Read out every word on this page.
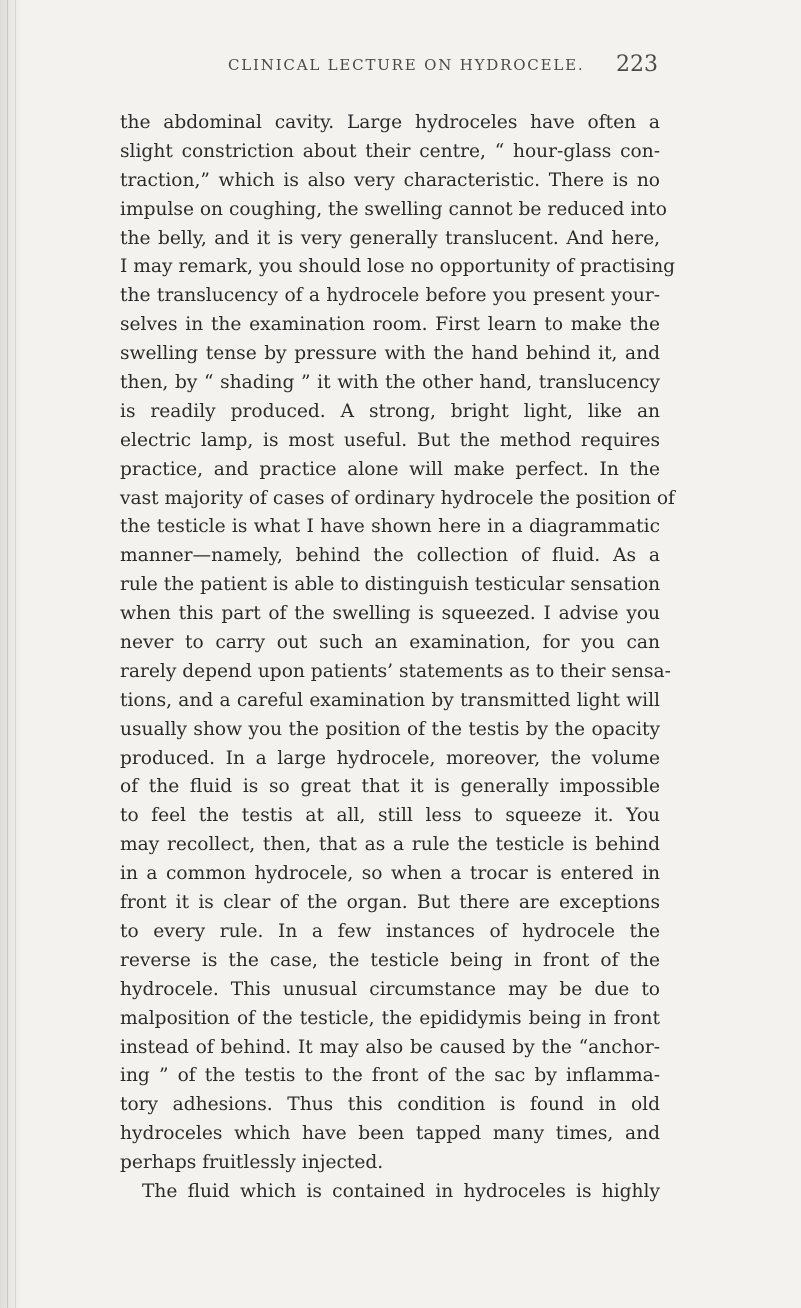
CLINICAL LECTURE ON HYDROCELE. 223
the abdominal cavity. Large hydroceles have often a
slight constriction about their centre, “ hour-glass con-
traction,” which is also very characteristic. There is no
impulse on coughing, the swelling cannot be reduced into
the belly, and it is very generally translucent. And here,
I may remark, you should lose no opportunity of practising
the translucency of a hydrocele before you present your-
selves in the examination room. First learn to make the
swelling tense by pressure with the hand behind it, and
then, by “ shading ” it with the other hand, translucency
is readily produced. A strong, bright light, like an
electric lamp, is most useful. But the method requires
practice, and practice alone will make perfect. In the
vast majority of cases of ordinary hydrocele the position of
the testicle is what I have shown here in a diagrammatic
manner—namely, behind the collection of fluid. As a
rule the patient is able to distinguish testicular sensation
when this part of the swelling is squeezed. I advise you
never to carry out such an examination, for you can
rarely depend upon patients’ statements as to their sensa-
tions, and a careful examination by transmitted light will
usually show you the position of the testis by the opacity
produced. In a large hydrocele, moreover, the volume
of the fluid is so great that it is generally impossible
to feel the testis at all, still less to squeeze it. You
may recollect, then, that as a rule the testicle is behind
in a common hydrocele, so when a trocar is entered in
front it is clear of the organ. But there are exceptions
to every rule. In a few instances of hydrocele the
reverse is the case, the testicle being in front of the
hydrocele. This unusual circumstance may be due to
malposition of the testicle, the epididymis being in front
instead of behind. It may also be caused by the “anchor-
ing ” of the testis to the front of the sac by inflamma-
tory adhesions. Thus this condition is found in old
hydroceles which have been tapped many times, and
perhaps fruitlessly injected.
The fluid which is contained in hydroceles is highly
